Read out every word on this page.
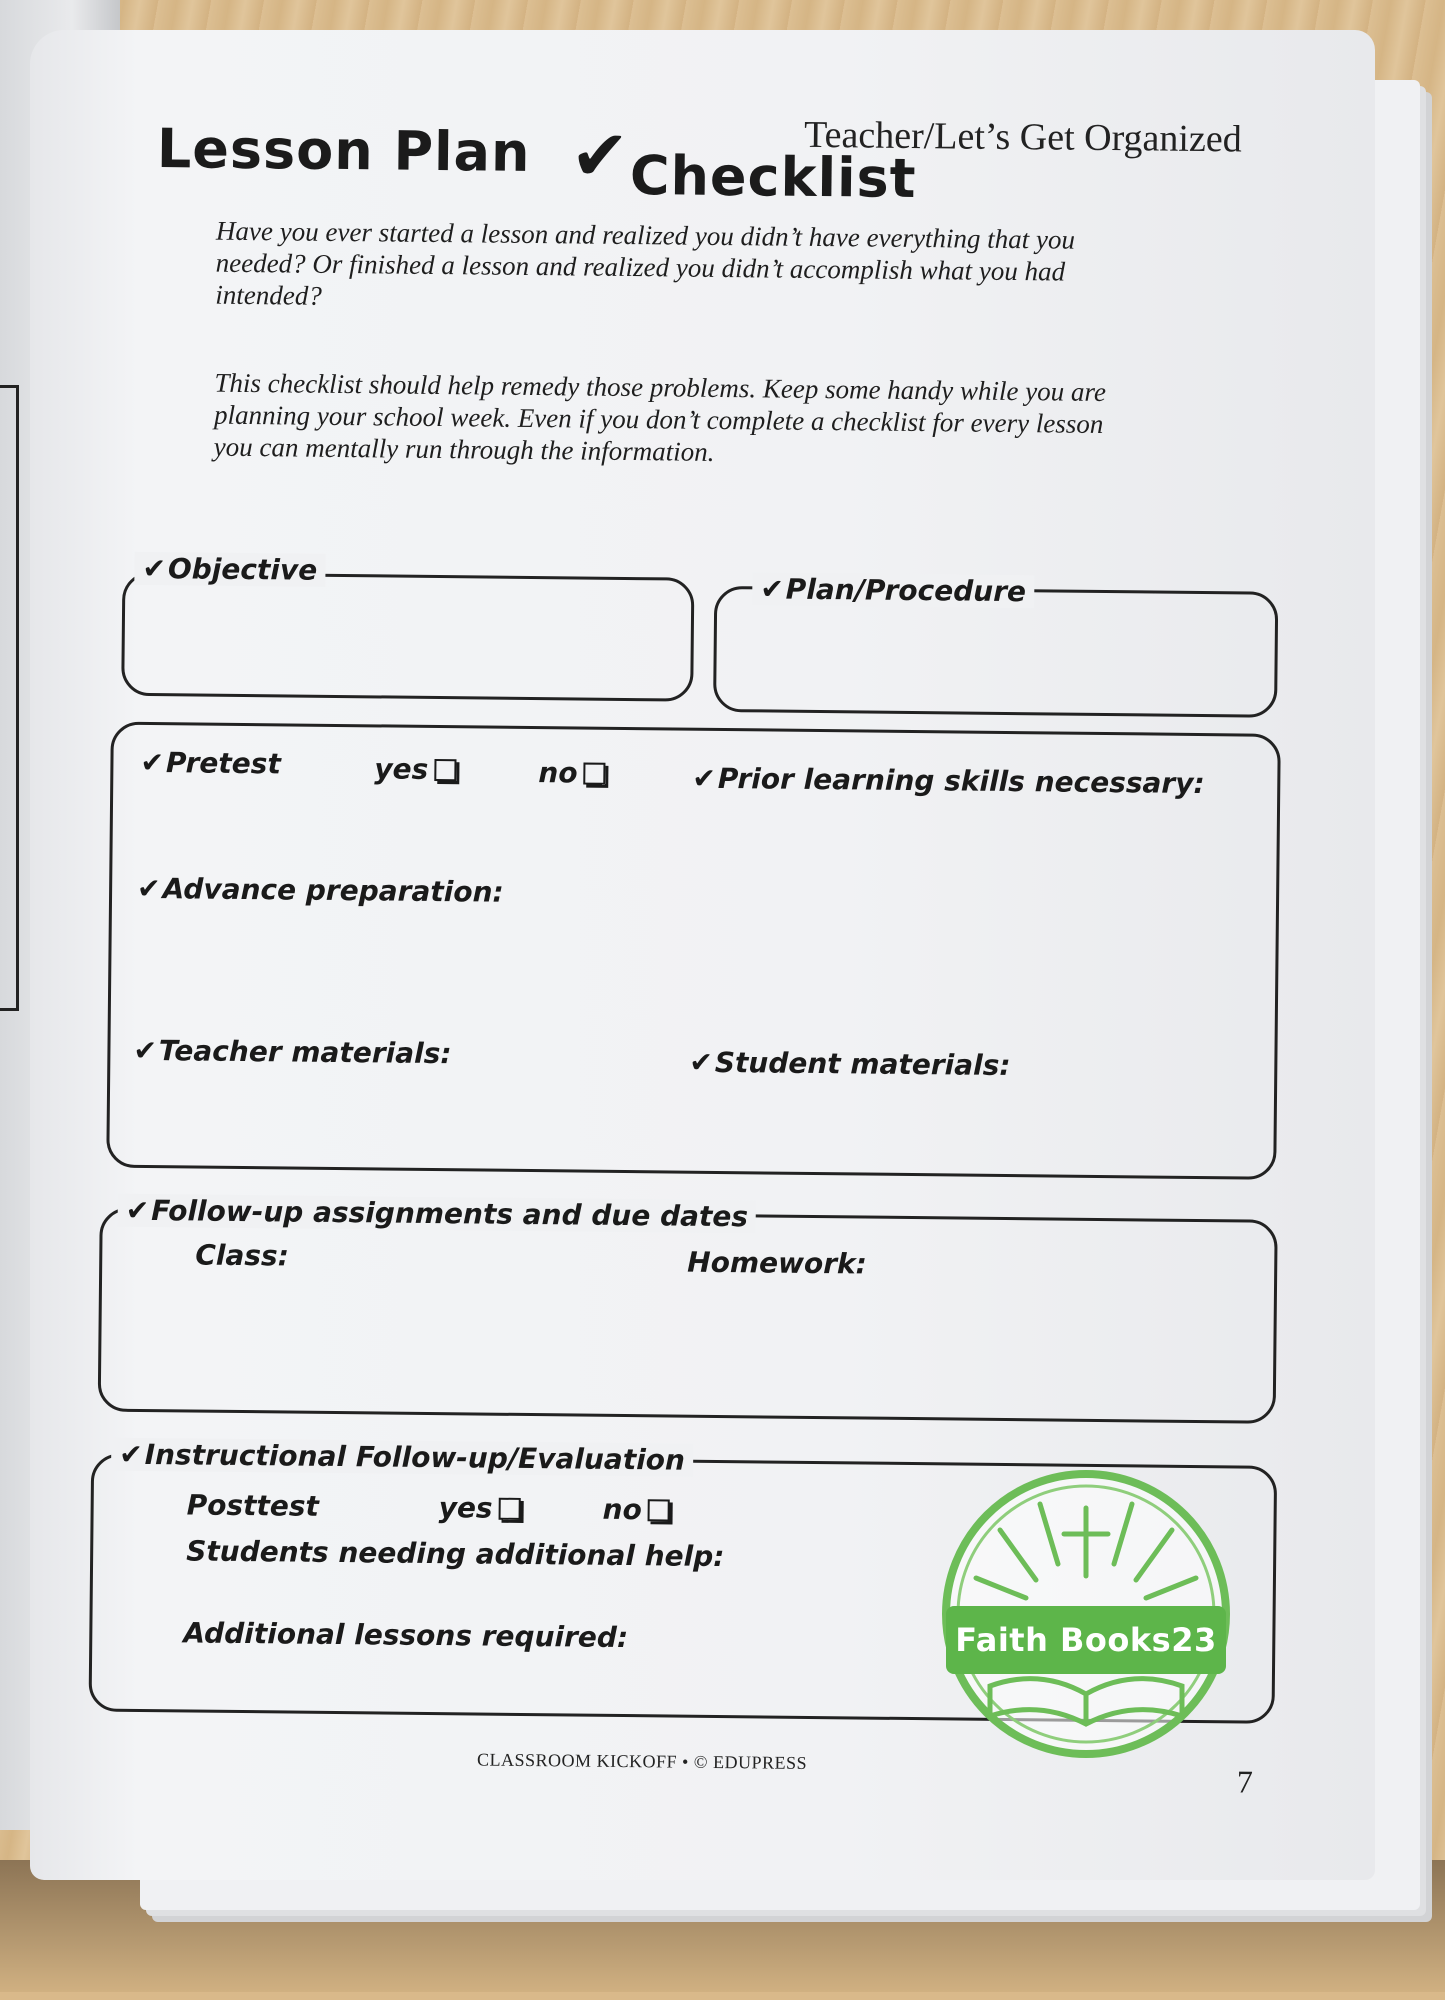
Lesson Plan ✔Checklist
Teacher/Let’s Get Organized
Have you ever started a lesson and realized you didn’t have everything that you needed? Or finished a lesson and realized you didn’t accomplish what you had intended?
This checklist should help remedy those problems. Keep some handy while you are planning your school week. Even if you don’t complete a checklist for every lesson you can mentally run through the information.
✔Objective
✔Plan/Procedure
✔Pretest	yes	no	✔Prior learning skills necessary:
✔Advance preparation:
✔Teacher materials:	✔Student materials:
✔Follow-up assignments and due dates
Class:	Homework:
✔Instructional Follow-up/Evaluation
Posttest	yes	no
Students needing additional help:
Additional lessons required:
CLASSROOM KICKOFF • © EDUPRESS
7
Faith Books23
